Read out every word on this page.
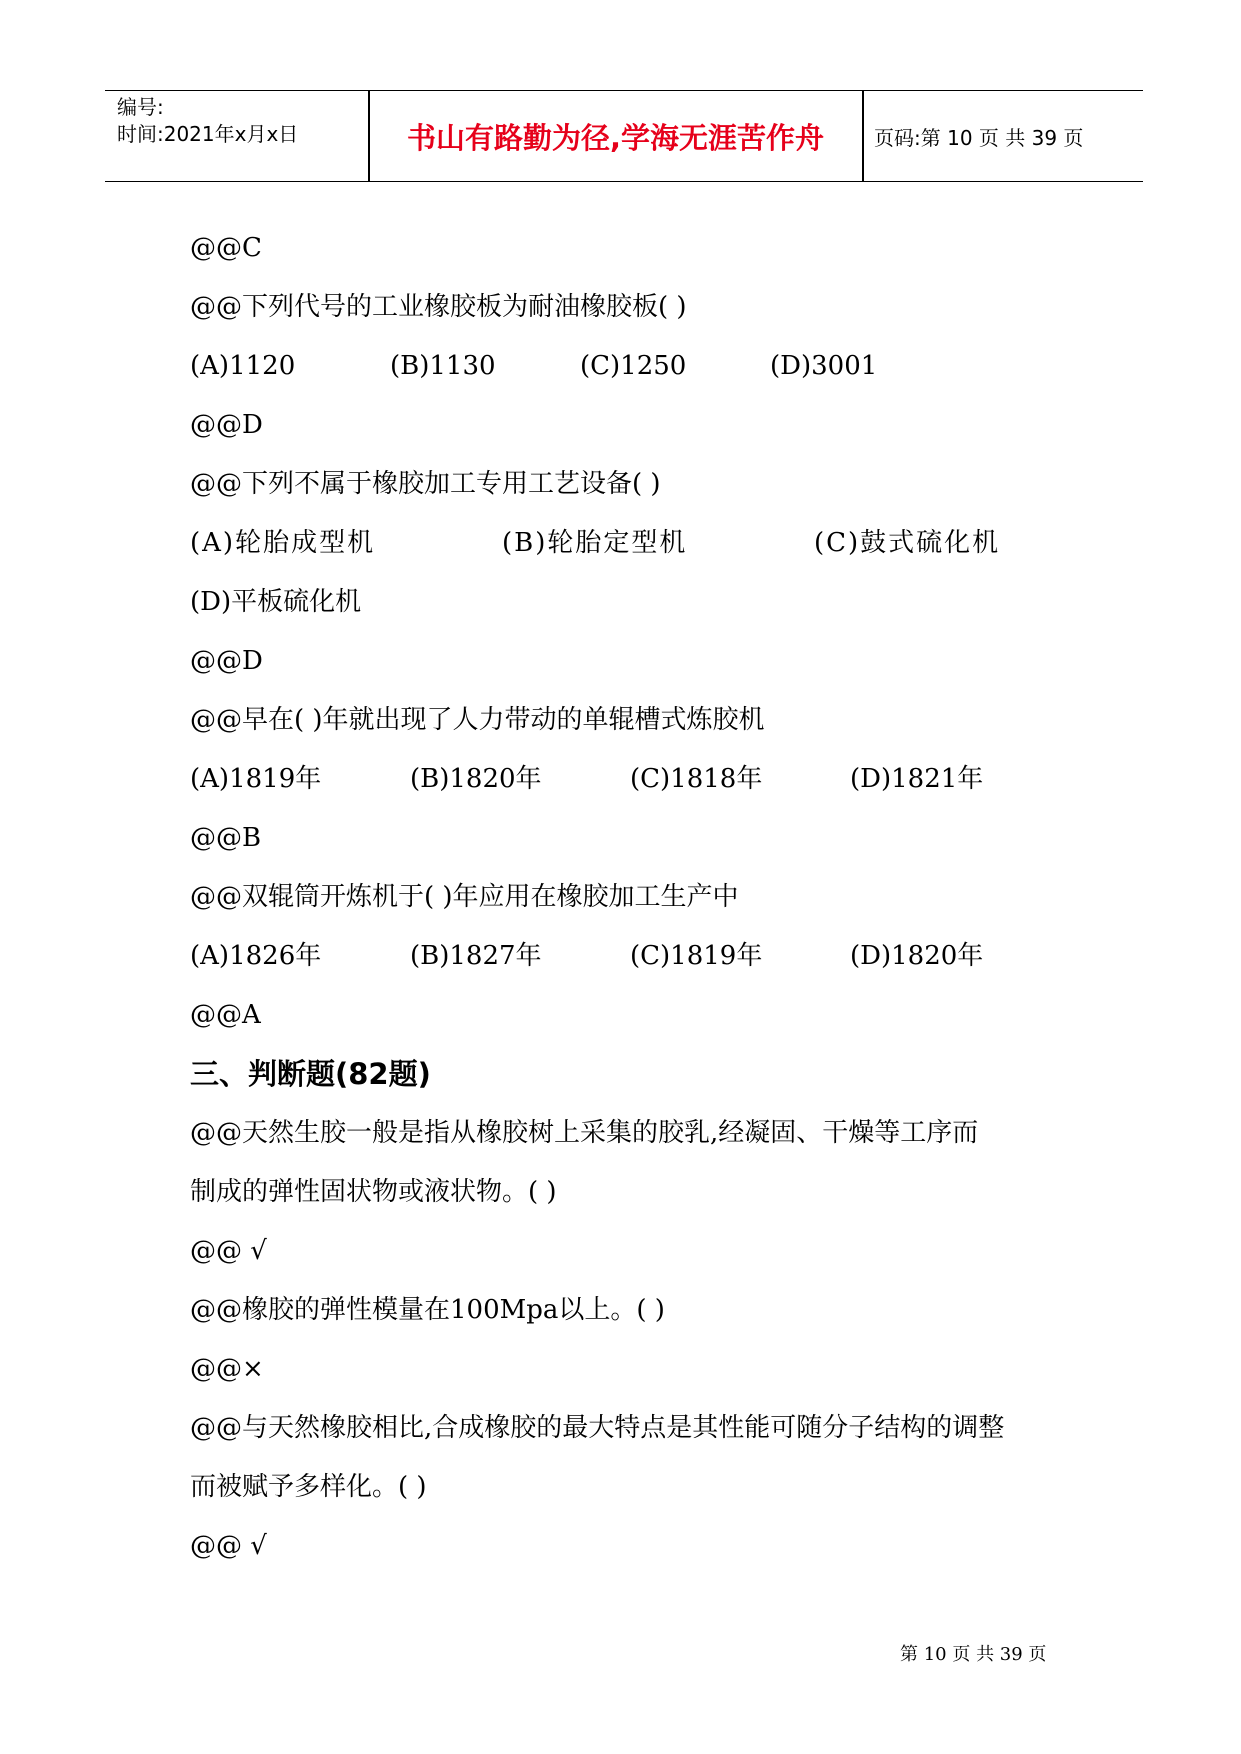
编号:
时间:2021年x月x日	书山有路勤为径,学海无涯苦作舟	页码:第 10 页 共 39 页
@@C
@@下列代号的工业橡胶板为耐油橡胶板( )
(A)1120	(B)1130	(C)1250	(D)3001
@@D
@@下列不属于橡胶加工专用工艺设备( )
(A)轮胎成型机	(B)轮胎定型机	(C)鼓式硫化机
(D)平板硫化机
@@D
@@早在( )年就出现了人力带动的单辊槽式炼胶机
(A)1819年	(B)1820年	(C)1818年	(D)1821年
@@B
@@双辊筒开炼机于( )年应用在橡胶加工生产中
(A)1826年	(B)1827年	(C)1819年	(D)1820年
@@A
三、判断题(82题)
@@天然生胶一般是指从橡胶树上采集的胶乳,经凝固、干燥等工序而
制成的弹性固状物或液状物。( )
@@ √
@@橡胶的弹性模量在100Mpa以上。( )
@@×
@@与天然橡胶相比,合成橡胶的最大特点是其性能可随分子结构的调整
而被赋予多样化。( )
@@ √
第 10 页 共 39 页
